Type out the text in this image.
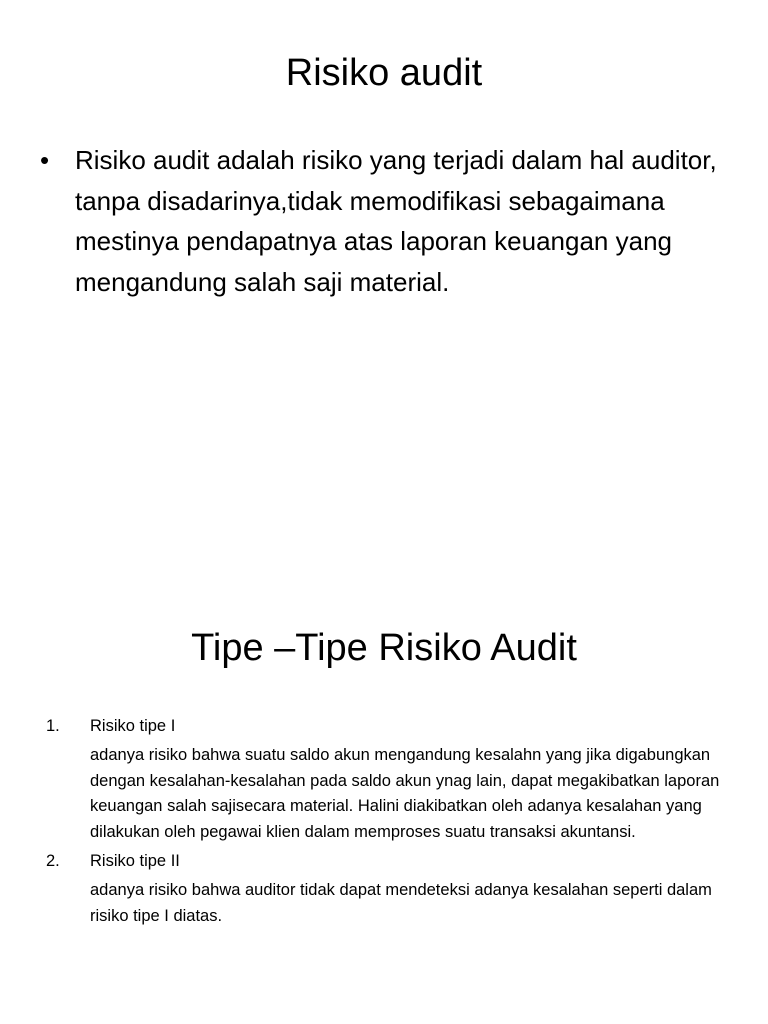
Risiko audit
• Risiko audit adalah risiko yang terjadi dalam hal auditor, tanpa disadarinya,tidak memodifikasi sebagaimana mestinya pendapatnya atas laporan keuangan yang mengandung salah saji material.
Tipe –Tipe Risiko Audit
1.	Risiko tipe I
adanya risiko bahwa suatu saldo akun mengandung kesalahn yang jika digabungkan dengan kesalahan-kesalahan pada saldo akun ynag lain, dapat megakibatkan laporan keuangan salah sajisecara material. Halini diakibatkan oleh adanya kesalahan yang dilakukan oleh pegawai klien dalam memproses suatu transaksi akuntansi.
2.	Risiko tipe II
adanya risiko bahwa auditor tidak dapat mendeteksi adanya kesalahan seperti dalam risiko tipe I diatas.
